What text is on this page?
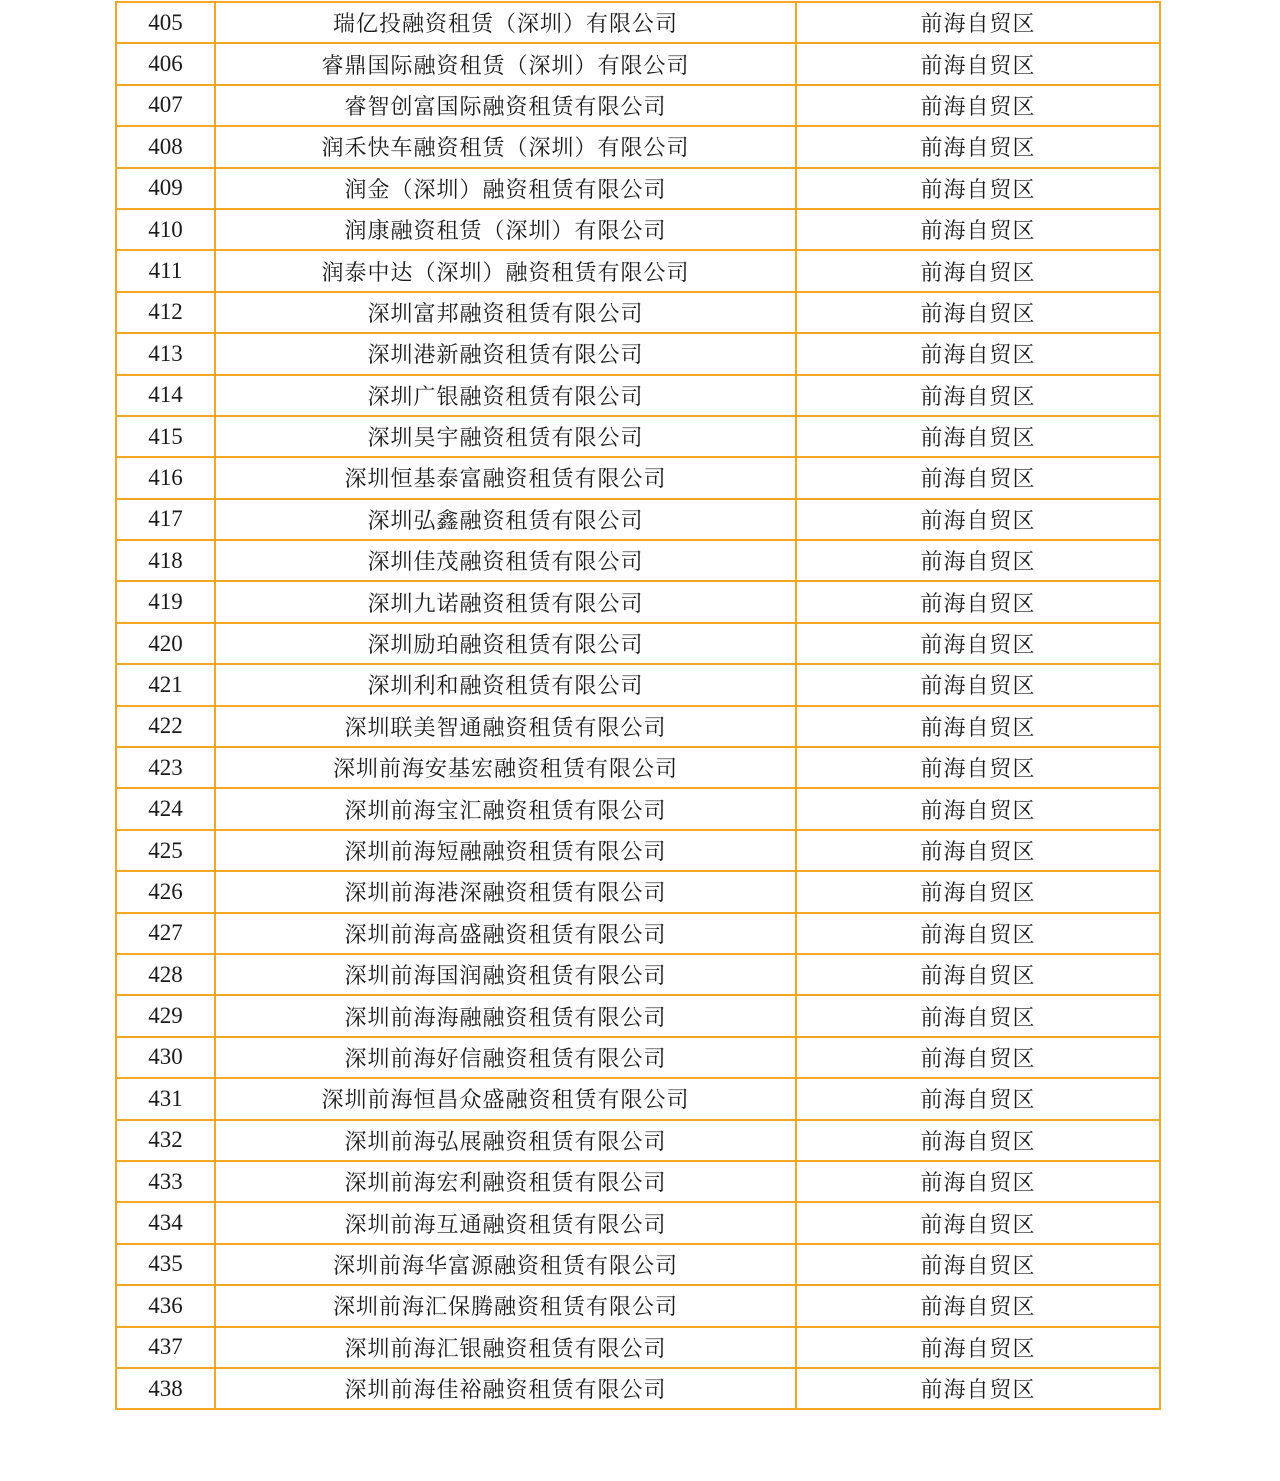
405	瑞亿投融资租赁（深圳）有限公司	前海自贸区
406	睿鼎国际融资租赁（深圳）有限公司	前海自贸区
407	睿智创富国际融资租赁有限公司	前海自贸区
408	润禾快车融资租赁（深圳）有限公司	前海自贸区
409	润金（深圳）融资租赁有限公司	前海自贸区
410	润康融资租赁（深圳）有限公司	前海自贸区
411	润泰中达（深圳）融资租赁有限公司	前海自贸区
412	深圳富邦融资租赁有限公司	前海自贸区
413	深圳港新融资租赁有限公司	前海自贸区
414	深圳广银融资租赁有限公司	前海自贸区
415	深圳昊宇融资租赁有限公司	前海自贸区
416	深圳恒基泰富融资租赁有限公司	前海自贸区
417	深圳弘鑫融资租赁有限公司	前海自贸区
418	深圳佳茂融资租赁有限公司	前海自贸区
419	深圳九诺融资租赁有限公司	前海自贸区
420	深圳励珀融资租赁有限公司	前海自贸区
421	深圳利和融资租赁有限公司	前海自贸区
422	深圳联美智通融资租赁有限公司	前海自贸区
423	深圳前海安基宏融资租赁有限公司	前海自贸区
424	深圳前海宝汇融资租赁有限公司	前海自贸区
425	深圳前海短融融资租赁有限公司	前海自贸区
426	深圳前海港深融资租赁有限公司	前海自贸区
427	深圳前海高盛融资租赁有限公司	前海自贸区
428	深圳前海国润融资租赁有限公司	前海自贸区
429	深圳前海海融融资租赁有限公司	前海自贸区
430	深圳前海好信融资租赁有限公司	前海自贸区
431	深圳前海恒昌众盛融资租赁有限公司	前海自贸区
432	深圳前海弘展融资租赁有限公司	前海自贸区
433	深圳前海宏利融资租赁有限公司	前海自贸区
434	深圳前海互通融资租赁有限公司	前海自贸区
435	深圳前海华富源融资租赁有限公司	前海自贸区
436	深圳前海汇保腾融资租赁有限公司	前海自贸区
437	深圳前海汇银融资租赁有限公司	前海自贸区
438	深圳前海佳裕融资租赁有限公司	前海自贸区
